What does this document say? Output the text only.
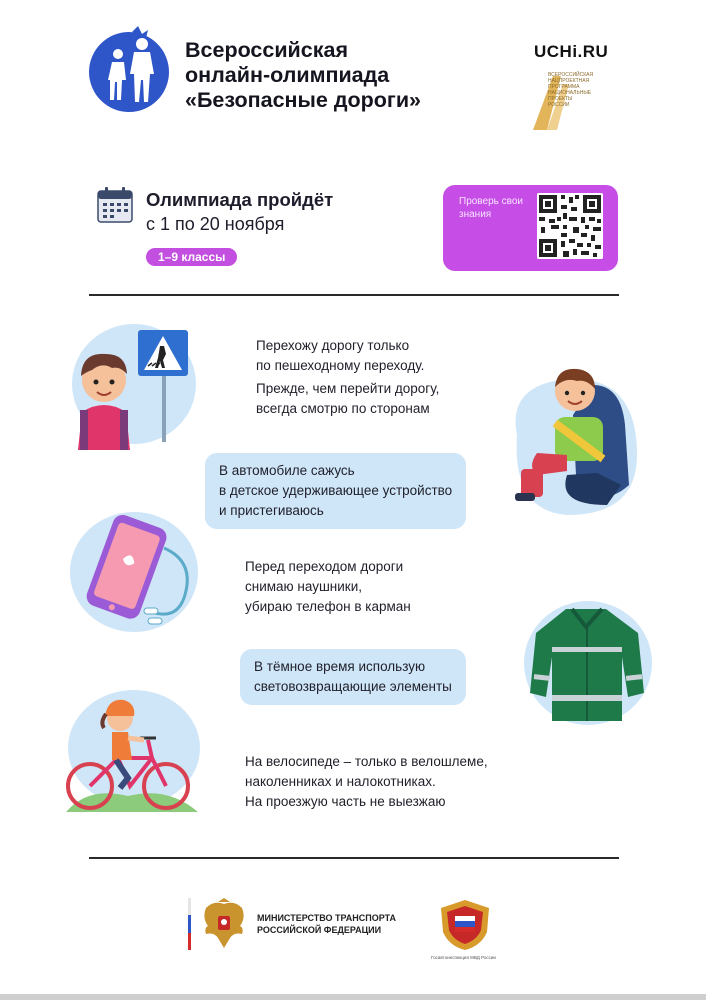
Всероссийская
онлайн-олимпиада
«Безопасные дороги»
UCHi.RU
ВСЕРОССИЙСКАЯ
НАЦПРОЕКТНАЯ
ПРОГРАММА
НАЦИОНАЛЬНЫЕ
ПРОЕКТЫ
РОССИИ
Олимпиада пройдёт
с 1 по 20 ноября
1–9 классы
Проверь свои знания
Перехожу дорогу только
по пешеходному переходу.
Прежде, чем перейти дорогу,
всегда смотрю по сторонам
В автомобиле сажусь
в детское удерживающее устройство
и пристегиваюсь
Перед переходом дороги
снимаю наушники,
убираю телефон в карман
В тёмное время использую
световозвращающие элементы
На велосипеде – только в велошлеме,
наколенниках и налокотниках.
На проезжую часть не выезжаю
МИНИСТЕРСТВО ТРАНСПОРТА
РОССИЙСКОЙ ФЕДЕРАЦИИ
Госавтоинспекция МВД России
